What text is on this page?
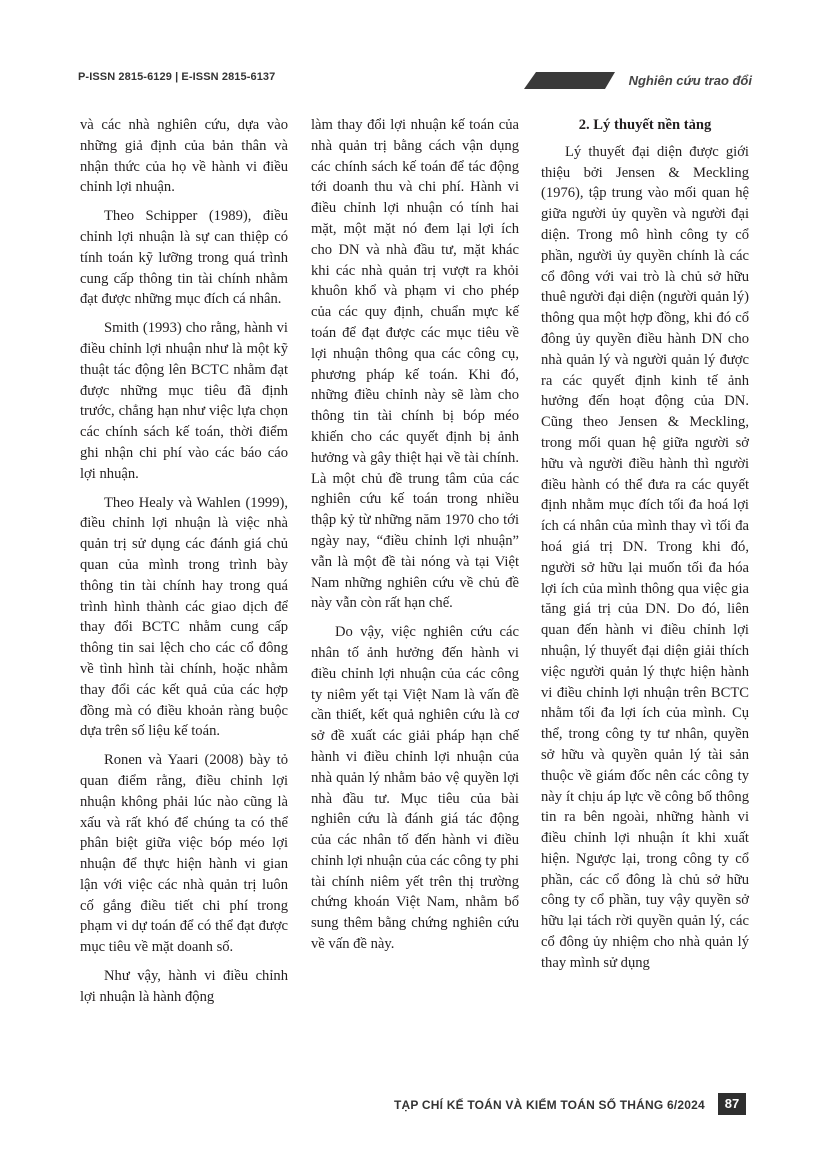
P-ISSN 2815-6129 | E-ISSN 2815-6137	Nghiên cứu trao đổi

và các nhà nghiên cứu, dựa vào những giả định của bản thân và nhận thức của họ về hành vi điều chỉnh lợi nhuận.

Theo Schipper (1989), điều chỉnh lợi nhuận là sự can thiệp có tính toán kỹ lưỡng trong quá trình cung cấp thông tin tài chính nhằm đạt được những mục đích cá nhân.

Smith (1993) cho rằng, hành vi điều chỉnh lợi nhuận như là một kỹ thuật tác động lên BCTC nhằm đạt được những mục tiêu đã định trước, chẳng hạn như việc lựa chọn các chính sách kế toán, thời điểm ghi nhận chi phí vào các báo cáo lợi nhuận.

Theo Healy và Wahlen (1999), điều chỉnh lợi nhuận là việc nhà quản trị sử dụng các đánh giá chủ quan của mình trong trình bày thông tin tài chính hay trong quá trình hình thành các giao dịch để thay đổi BCTC nhằm cung cấp thông tin sai lệch cho các cổ đông về tình hình tài chính, hoặc nhằm thay đổi các kết quả của các hợp đồng mà có điều khoản ràng buộc dựa trên số liệu kế toán.

Ronen và Yaari (2008) bày tỏ quan điểm rằng, điều chỉnh lợi nhuận không phải lúc nào cũng là xấu và rất khó để chúng ta có thể phân biệt giữa việc bóp méo lợi nhuận để thực hiện hành vi gian lận với việc các nhà quản trị luôn cố gắng điều tiết chi phí trong phạm vi dự toán để có thể đạt được mục tiêu về mặt doanh số.

Như vậy, hành vi điều chỉnh lợi nhuận là hành động

làm thay đổi lợi nhuận kế toán của nhà quản trị bằng cách vận dụng các chính sách kế toán để tác động tới doanh thu và chi phí. Hành vi điều chỉnh lợi nhuận có tính hai mặt, một mặt nó đem lại lợi ích cho DN và nhà đầu tư, mặt khác khi các nhà quản trị vượt ra khỏi khuôn khổ và phạm vi cho phép của các quy định, chuẩn mực kế toán để đạt được các mục tiêu về lợi nhuận thông qua các công cụ, phương pháp kế toán. Khi đó, những điều chỉnh này sẽ làm cho thông tin tài chính bị bóp méo khiến cho các quyết định bị ảnh hưởng và gây thiệt hại về tài chính. Là một chủ đề trung tâm của các nghiên cứu kế toán trong nhiều thập kỷ từ những năm 1970 cho tới ngày nay, “điều chỉnh lợi nhuận” vẫn là một đề tài nóng và tại Việt Nam những nghiên cứu về chủ đề này vẫn còn rất hạn chế.

Do vậy, việc nghiên cứu các nhân tố ảnh hưởng đến hành vi điều chỉnh lợi nhuận của các công ty niêm yết tại Việt Nam là vấn đề cần thiết, kết quả nghiên cứu là cơ sở đề xuất các giải pháp hạn chế hành vi điều chỉnh lợi nhuận của nhà quản lý nhằm bảo vệ quyền lợi nhà đầu tư. Mục tiêu của bài nghiên cứu là đánh giá tác động của các nhân tố đến hành vi điều chỉnh lợi nhuận của các công ty phi tài chính niêm yết trên thị trường chứng khoán Việt Nam, nhằm bổ sung thêm bằng chứng nghiên cứu về vấn đề này.

2. Lý thuyết nền tảng

Lý thuyết đại diện được giới thiệu bởi Jensen & Meckling (1976), tập trung vào mối quan hệ giữa người ủy quyền và người đại diện. Trong mô hình công ty cổ phần, người ủy quyền chính là các cổ đông với vai trò là chủ sở hữu thuê người đại diện (người quản lý) thông qua một hợp đồng, khi đó cổ đông ủy quyền điều hành DN cho nhà quản lý và người quản lý được ra các quyết định kinh tế ảnh hưởng đến hoạt động của DN. Cũng theo Jensen & Meckling, trong mối quan hệ giữa người sở hữu và người điều hành thì người điều hành có thể đưa ra các quyết định nhằm mục đích tối đa hoá lợi ích cá nhân của mình thay vì tối đa hoá giá trị DN. Trong khi đó, người sở hữu lại muốn tối đa hóa lợi ích của mình thông qua việc gia tăng giá trị của DN. Do đó, liên quan đến hành vi điều chỉnh lợi nhuận, lý thuyết đại diện giải thích việc người quản lý thực hiện hành vi điều chỉnh lợi nhuận trên BCTC nhằm tối đa lợi ích của mình. Cụ thể, trong công ty tư nhân, quyền sở hữu và quyền quản lý tài sản thuộc về giám đốc nên các công ty này ít chịu áp lực về công bố thông tin ra bên ngoài, những hành vi điều chỉnh lợi nhuận ít khi xuất hiện. Ngược lại, trong công ty cổ phần, các cổ đông là chủ sở hữu công ty cổ phần, tuy vậy quyền sở hữu lại tách rời quyền quản lý, các cổ đông ủy nhiệm cho nhà quản lý thay mình sử dụng

TẠP CHÍ KẾ TOÁN VÀ KIỂM TOÁN SỐ THÁNG 6/2024	87
